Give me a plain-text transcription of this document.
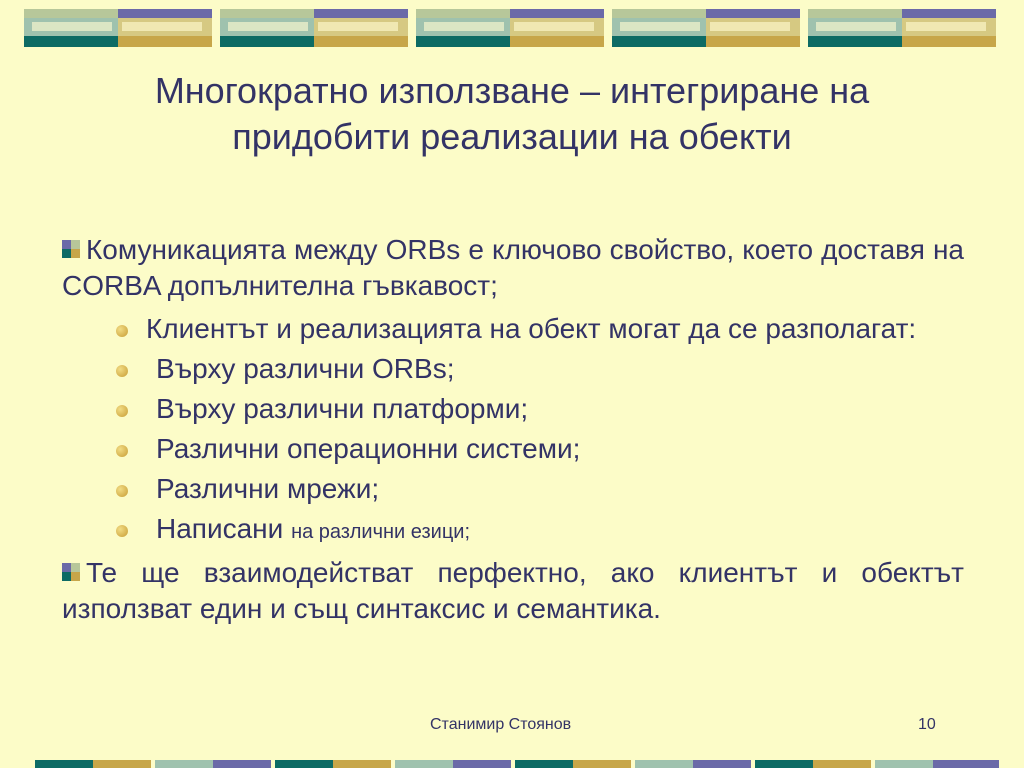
Многократно използване – интегриране на
придобити реализации на обекти
Комуникацията между ORBs е ключово свойство, което доставя на CORBA допълнителна гъвкавост;
Клиентът и реализацията на обект могат да се разполагат:
Върху различни ORBs;
Върху различни платформи;
Различни операционни системи;
Различни мрежи;
Написани на различни езици;
Те ще взаимодействат перфектно, ако клиентът и обектът използват един и същ синтаксис и семантика.
Станимир Стоянов	10
